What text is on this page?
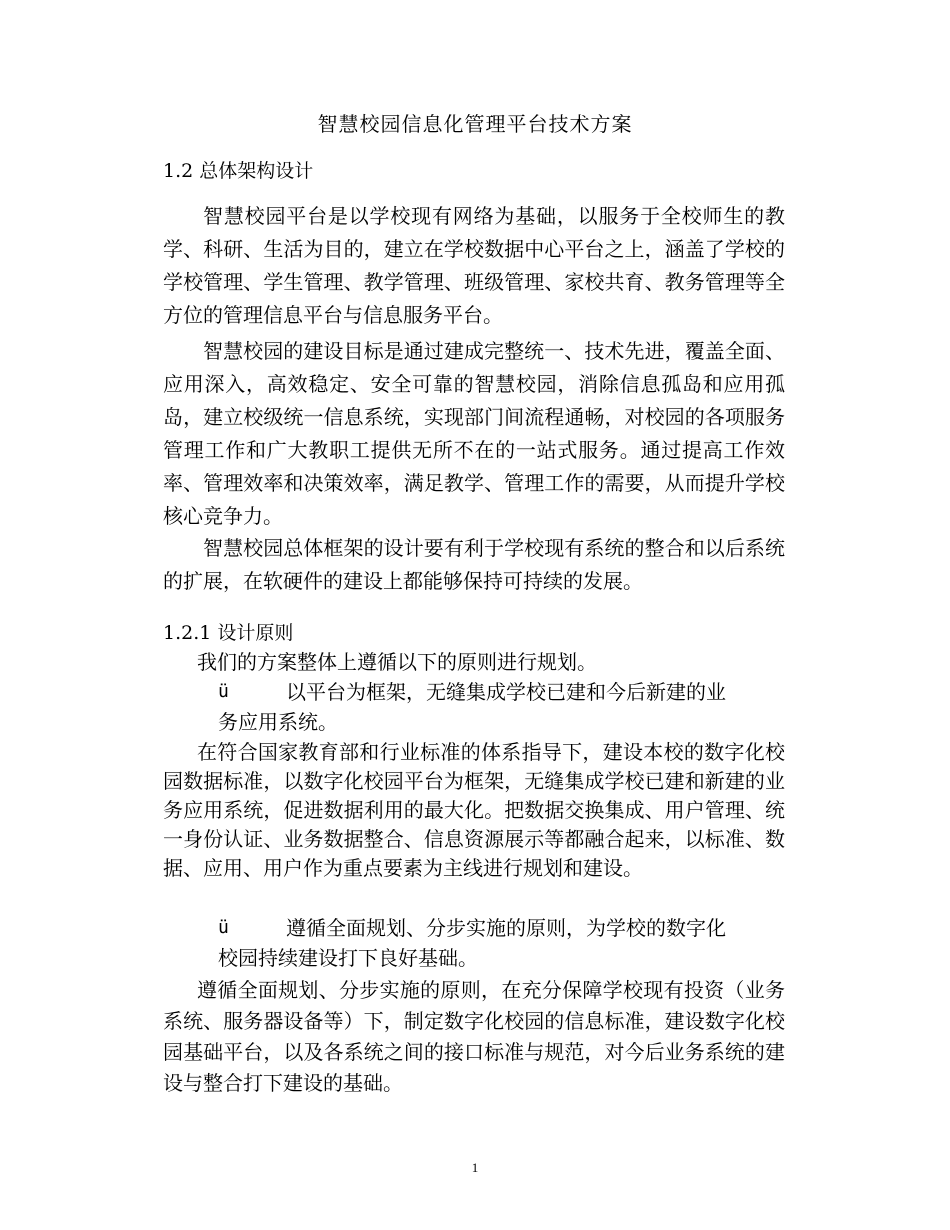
智慧校园信息化管理平台技术方案
1.2 总体架构设计
智慧校园平台是以学校现有网络为基础，以服务于全校师生的教学、科研、生活为目的，建立在学校数据中心平台之上，涵盖了学校的学校管理、学生管理、教学管理、班级管理、家校共育、教务管理等全方位的管理信息平台与信息服务平台。
智慧校园的建设目标是通过建成完整统一、技术先进，覆盖全面、应用深入，高效稳定、安全可靠的智慧校园，消除信息孤岛和应用孤岛，建立校级统一信息系统，实现部门间流程通畅，对校园的各项服务管理工作和广大教职工提供无所不在的一站式服务。通过提高工作效率、管理效率和决策效率，满足教学、管理工作的需要，从而提升学校核心竞争力。
智慧校园总体框架的设计要有利于学校现有系统的整合和以后系统的扩展，在软硬件的建设上都能够保持可持续的发展。
1.2.1 设计原则
我们的方案整体上遵循以下的原则进行规划。
ü	以平台为框架，无缝集成学校已建和今后新建的业
务应用系统。
在符合国家教育部和行业标准的体系指导下，建设本校的数字化校园数据标准，以数字化校园平台为框架，无缝集成学校已建和新建的业务应用系统，促进数据利用的最大化。把数据交换集成、用户管理、统一身份认证、业务数据整合、信息资源展示等都融合起来，以标准、数据、应用、用户作为重点要素为主线进行规划和建设。
ü	遵循全面规划、分步实施的原则，为学校的数字化
校园持续建设打下良好基础。
遵循全面规划、分步实施的原则，在充分保障学校现有投资（业务系统、服务器设备等）下，制定数字化校园的信息标准，建设数字化校园基础平台，以及各系统之间的接口标准与规范，对今后业务系统的建设与整合打下建设的基础。
1
